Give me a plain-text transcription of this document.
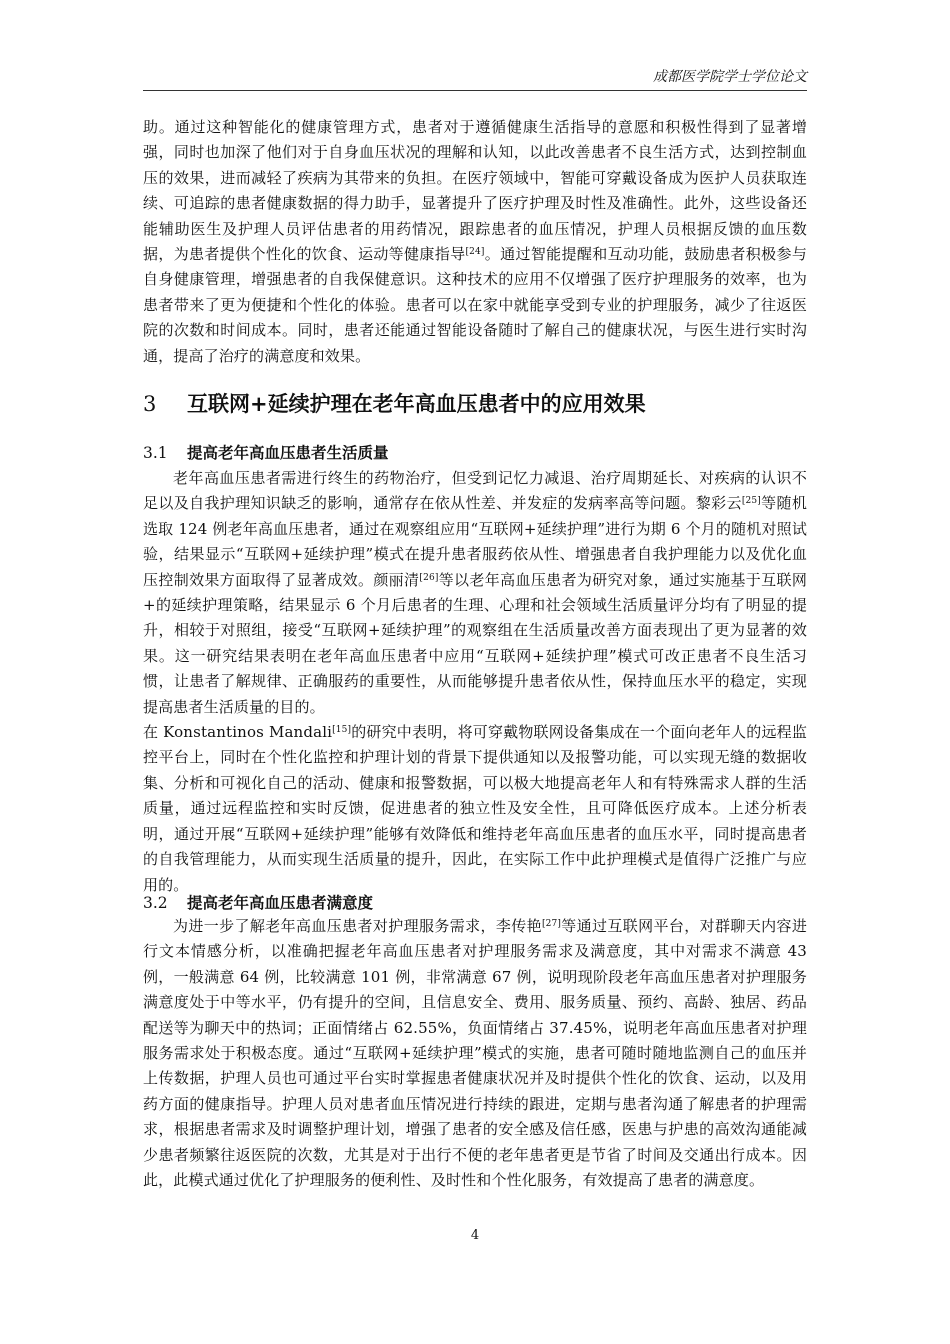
成都医学院学士学位论文

助。通过这种智能化的健康管理方式，患者对于遵循健康生活指导的意愿和积极性得到了显著增强，同时也加深了他们对于自身血压状况的理解和认知，以此改善患者不良生活方式，达到控制血压的效果，进而减轻了疾病为其带来的负担。在医疗领域中，智能可穿戴设备成为医护人员获取连续、可追踪的患者健康数据的得力助手，显著提升了医疗护理及时性及准确性。此外，这些设备还能辅助医生及护理人员评估患者的用药情况，跟踪患者的血压情况，护理人员根据反馈的血压数据，为患者提供个性化的饮食、运动等健康指导[24]。通过智能提醒和互动功能，鼓励患者积极参与自身健康管理，增强患者的自我保健意识。这种技术的应用不仅增强了医疗护理服务的效率，也为患者带来了更为便捷和个性化的体验。患者可以在家中就能享受到专业的护理服务，减少了往返医院的次数和时间成本。同时，患者还能通过智能设备随时了解自己的健康状况，与医生进行实时沟通，提高了治疗的满意度和效果。

3 互联网+延续护理在老年高血压患者中的应用效果
3.1 提高老年高血压患者生活质量

老年高血压患者需进行终生的药物治疗，但受到记忆力减退、治疗周期延长、对疾病的认识不足以及自我护理知识缺乏的影响，通常存在依从性差、并发症的发病率高等问题。黎彩云[25]等随机选取 124 例老年高血压患者，通过在观察组应用“互联网+延续护理”进行为期 6 个月的随机对照试验，结果显示“互联网+延续护理”模式在提升患者服药依从性、增强患者自我护理能力以及优化血压控制效果方面取得了显著成效。颜丽清[26]等以老年高血压患者为研究对象，通过实施基于互联网+的延续护理策略，结果显示 6 个月后患者的生理、心理和社会领域生活质量评分均有了明显的提升，相较于对照组，接受“互联网+延续护理”的观察组在生活质量改善方面表现出了更为显著的效果。这一研究结果表明在老年高血压患者中应用“互联网+延续护理”模式可改正患者不良生活习惯，让患者了解规律、正确服药的重要性，从而能够提升患者依从性，保持血压水平的稳定，实现提高患者生活质量的目的。

在 Konstantinos Mandali[15]的研究中表明，将可穿戴物联网设备集成在一个面向老年人的远程监控平台上，同时在个性化监控和护理计划的背景下提供通知以及报警功能，可以实现无缝的数据收集、分析和可视化自己的活动、健康和报警数据，可以极大地提高老年人和有特殊需求人群的生活质量，通过远程监控和实时反馈，促进患者的独立性及安全性，且可降低医疗成本。上述分析表明，通过开展“互联网+延续护理”能够有效降低和维持老年高血压患者的血压水平，同时提高患者的自我管理能力，从而实现生活质量的提升，因此，在实际工作中此护理模式是值得广泛推广与应用的。

3.2 提高老年高血压患者满意度

为进一步了解老年高血压患者对护理服务需求，李传艳[27]等通过互联网平台，对群聊天内容进行文本情感分析，以准确把握老年高血压患者对护理服务需求及满意度，其中对需求不满意 43 例，一般满意 64 例，比较满意 101 例，非常满意 67 例，说明现阶段老年高血压患者对护理服务满意度处于中等水平，仍有提升的空间，且信息安全、费用、服务质量、预约、高龄、独居、药品配送等为聊天中的热词；正面情绪占 62.55%，负面情绪占 37.45%，说明老年高血压患者对护理服务需求处于积极态度。通过“互联网+延续护理”模式的实施，患者可随时随地监测自己的血压并上传数据，护理人员也可通过平台实时掌握患者健康状况并及时提供个性化的饮食、运动，以及用药方面的健康指导。护理人员对患者血压情况进行持续的跟进，定期与患者沟通了解患者的护理需求，根据患者需求及时调整护理计划，增强了患者的安全感及信任感，医患与护患的高效沟通能减少患者频繁往返医院的次数，尤其是对于出行不便的老年患者更是节省了时间及交通出行成本。因此，此模式通过优化了护理服务的便利性、及时性和个性化服务，有效提高了患者的满意度。

4
